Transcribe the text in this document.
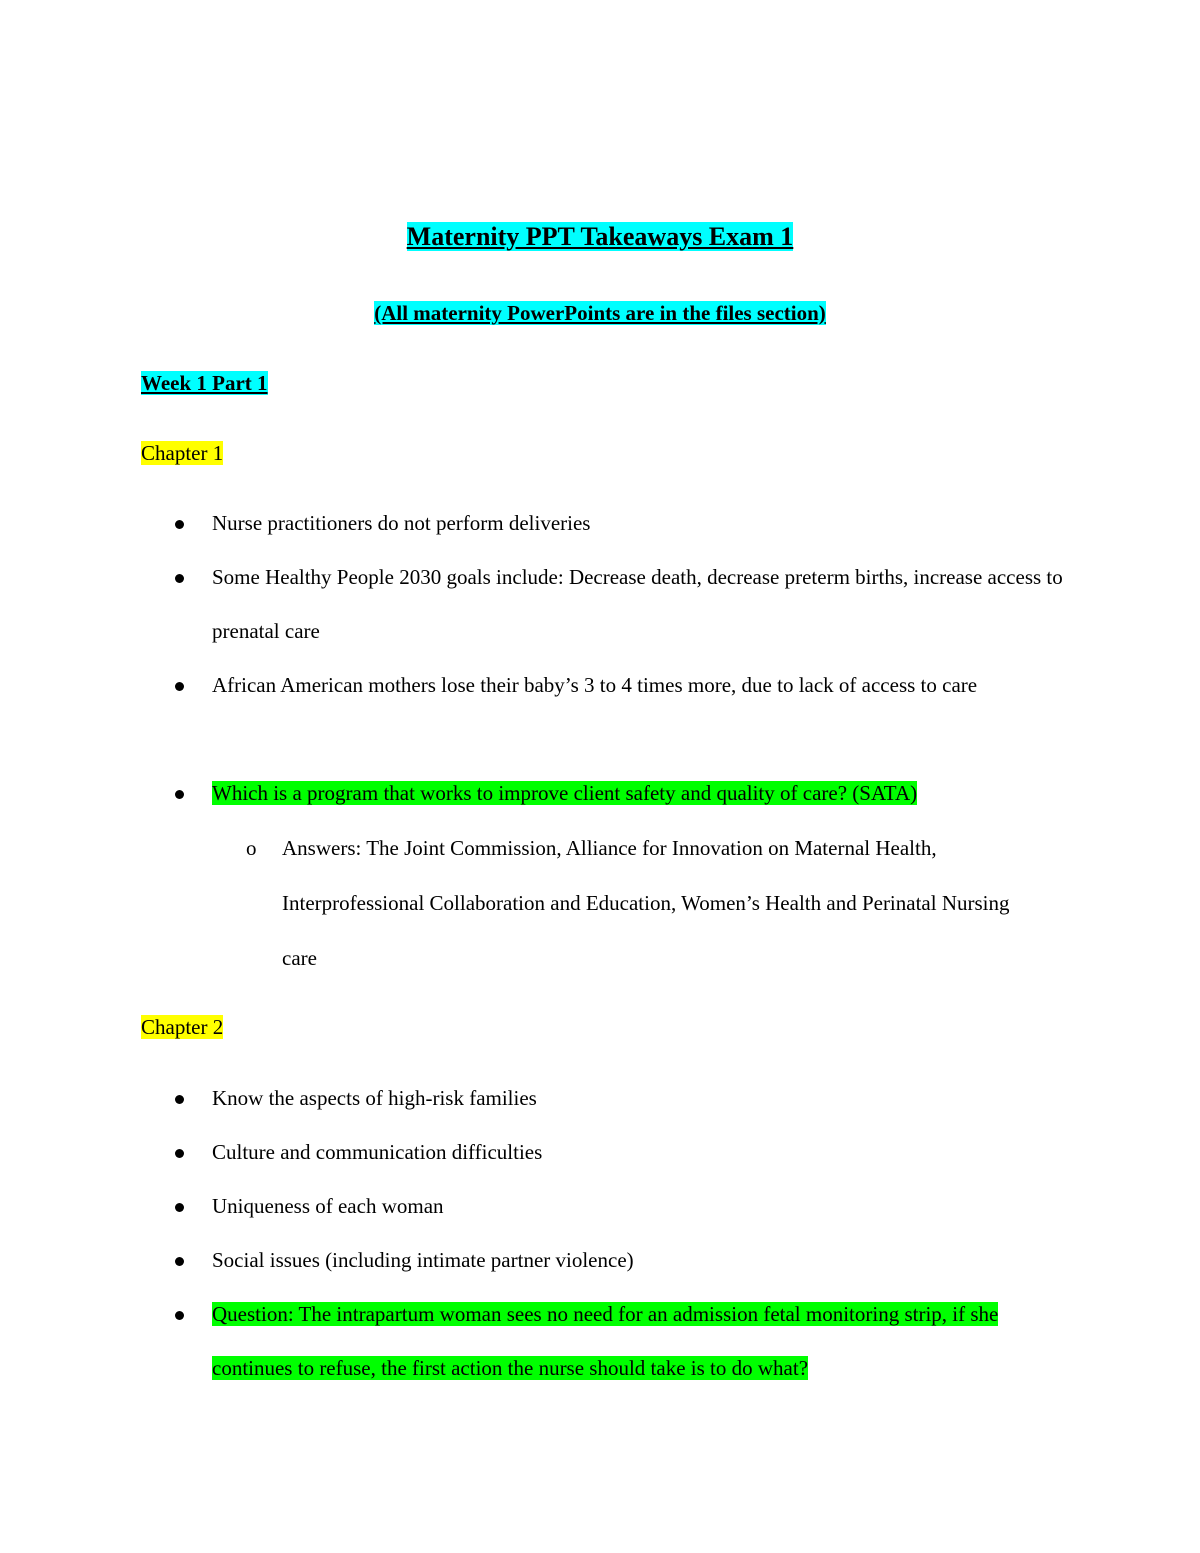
Maternity PPT Takeaways Exam 1
(All maternity PowerPoints are in the files section)
Week 1 Part 1
Chapter 1
Nurse practitioners do not perform deliveries
Some Healthy People 2030 goals include: Decrease death, decrease preterm births, increase access to prenatal care
African American mothers lose their baby’s 3 to 4 times more, due to lack of access to care
Which is a program that works to improve client safety and quality of care? (SATA)
o Answers: The Joint Commission, Alliance for Innovation on Maternal Health, Interprofessional Collaboration and Education, Women’s Health and Perinatal Nursing care
Chapter 2
Know the aspects of high-risk families
Culture and communication difficulties
Uniqueness of each woman
Social issues (including intimate partner violence)
Question: The intrapartum woman sees no need for an admission fetal monitoring strip, if she continues to refuse, the first action the nurse should take is to do what?
